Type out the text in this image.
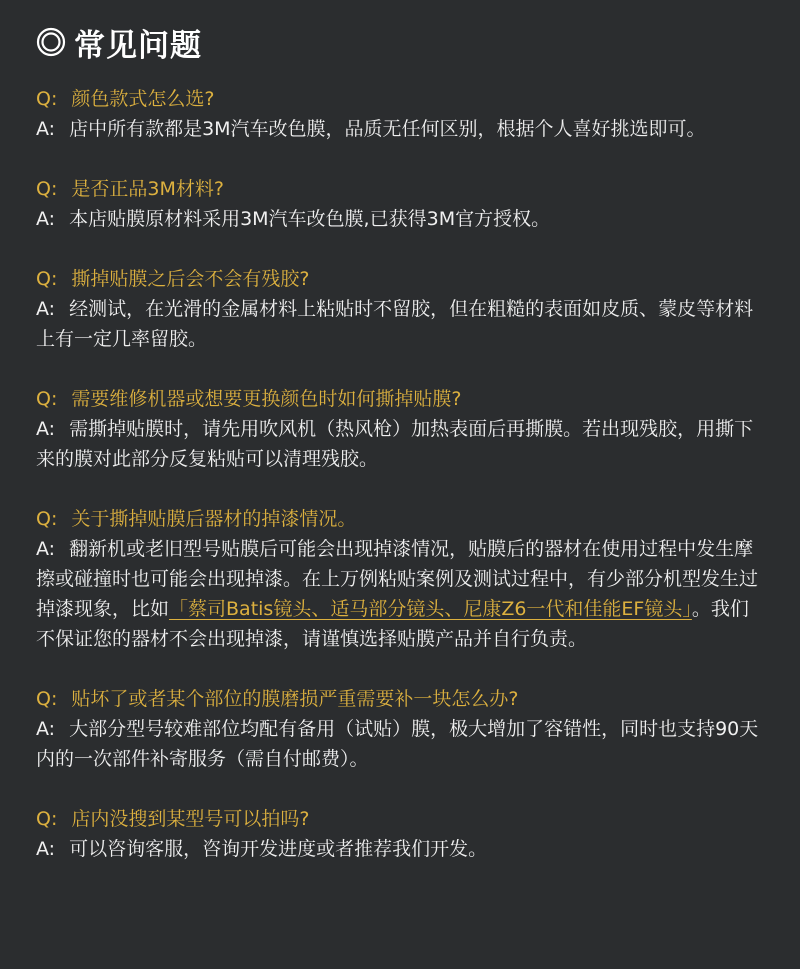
常见问题

Q: 颜色款式怎么选?

A: 店中所有款都是3M汽车改色膜，品质无任何区别，根据个人喜好挑选即可。

Q: 是否正品3M材料?

A: 本店贴膜原材料采用3M汽车改色膜,已获得3M官方授权。

Q: 撕掉贴膜之后会不会有残胶?

A: 经测试，在光滑的金属材料上粘贴时不留胶，但在粗糙的表面如皮质、蒙皮等材料上有一定几率留胶。

Q: 需要维修机器或想要更换颜色时如何撕掉贴膜?

A: 需撕掉贴膜时，请先用吹风机（热风枪）加热表面后再撕膜。若出现残胶，用撕下来的膜对此部分反复粘贴可以清理残胶。

Q: 关于撕掉贴膜后器材的掉漆情况。

A: 翻新机或老旧型号贴膜后可能会出现掉漆情况，贴膜后的器材在使用过程中发生摩擦或碰撞时也可能会出现掉漆。在上万例粘贴案例及测试过程中，有少部分机型发生过掉漆现象，比如「蔡司Batis镜头、适马部分镜头、尼康Z6一代和佳能EF镜头」。我们不保证您的器材不会出现掉漆，请谨慎选择贴膜产品并自行负责。

Q: 贴坏了或者某个部位的膜磨损严重需要补一块怎么办?

A: 大部分型号较难部位均配有备用（试贴）膜，极大增加了容错性，同时也支持90天内的一次部件补寄服务（需自付邮费）。

Q: 店内没搜到某型号可以拍吗?

A: 可以咨询客服，咨询开发进度或者推荐我们开发。
